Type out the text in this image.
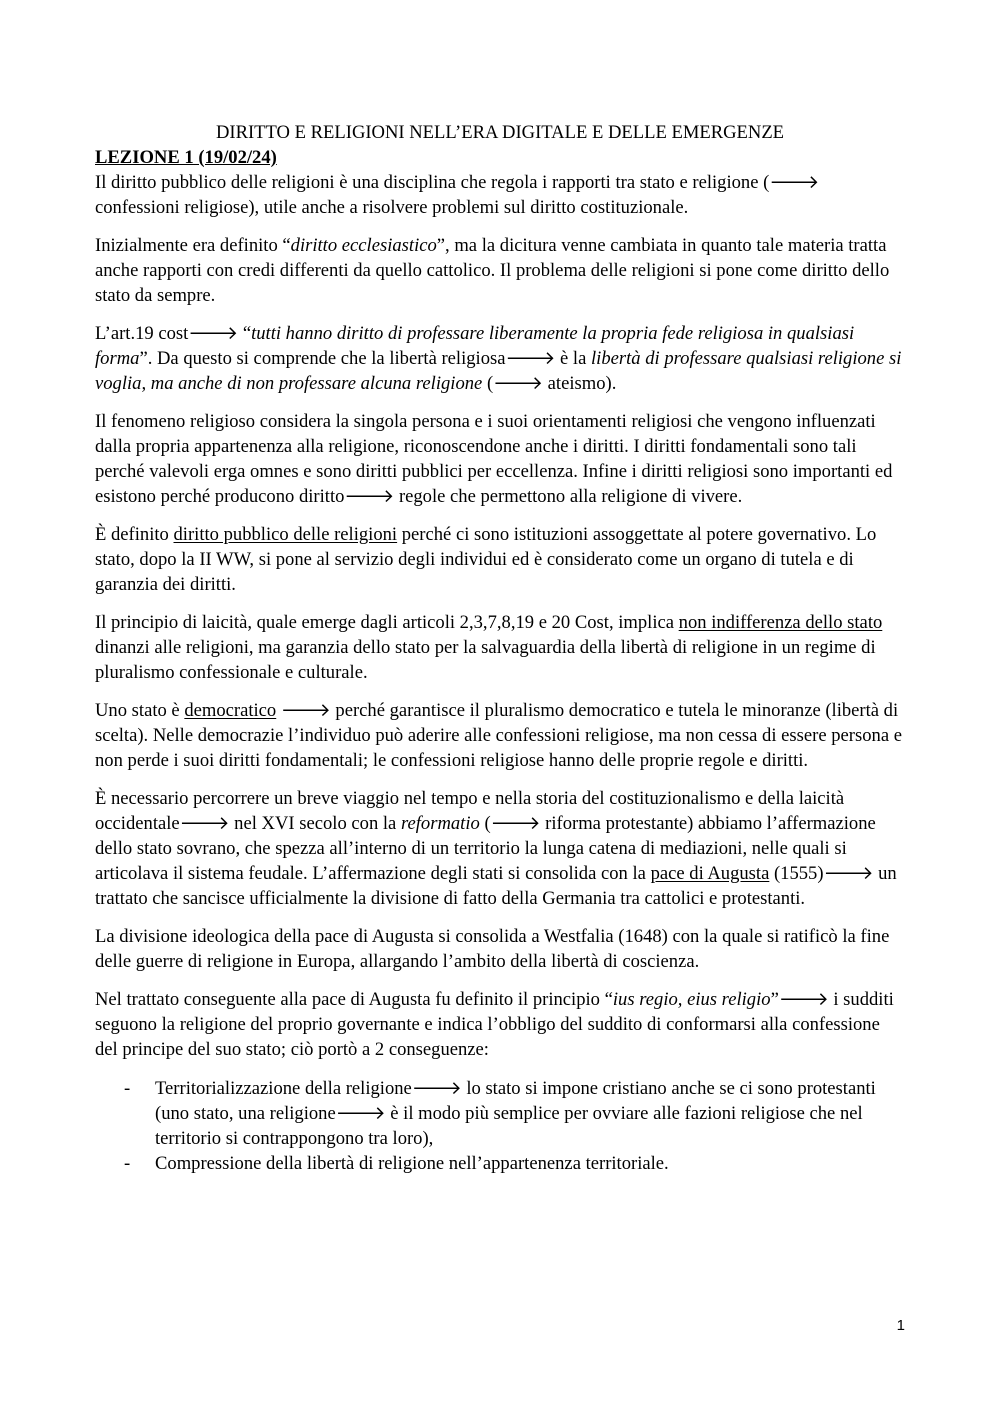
DIRITTO E RELIGIONI NELL’ERA DIGITALE E DELLE EMERGENZE
LEZIONE 1 (19/02/24)

Il diritto pubblico delle religioni è una disciplina che regola i rapporti tra stato e religione (🡒 confessioni religiose), utile anche a risolvere problemi sul diritto costituzionale.

Inizialmente era definito “diritto ecclesiastico”, ma la dicitura venne cambiata in quanto tale materia tratta anche rapporti con credi differenti da quello cattolico. Il problema delle religioni si pone come diritto dello stato da sempre.

L’art.19 cost🡒 “tutti hanno diritto di professare liberamente la propria fede religiosa in qualsiasi forma”. Da questo si comprende che la libertà religiosa🡒 è la libertà di professare qualsiasi religione si voglia, ma anche di non professare alcuna religione (🡒 ateismo).

Il fenomeno religioso considera la singola persona e i suoi orientamenti religiosi che vengono influenzati dalla propria appartenenza alla religione, riconoscendone anche i diritti. I diritti fondamentali sono tali perché valevoli erga omnes e sono diritti pubblici per eccellenza. Infine i diritti religiosi sono importanti ed esistono perché producono diritto🡒 regole che permettono alla religione di vivere.

È definito diritto pubblico delle religioni perché ci sono istituzioni assoggettate al potere governativo. Lo stato, dopo la II WW, si pone al servizio degli individui ed è considerato come un organo di tutela e di garanzia dei diritti.

Il principio di laicità, quale emerge dagli articoli 2,3,7,8,19 e 20 Cost, implica non indifferenza dello stato dinanzi alle religioni, ma garanzia dello stato per la salvaguardia della libertà di religione in un regime di pluralismo confessionale e culturale.

Uno stato è democratico 🡒 perché garantisce il pluralismo democratico e tutela le minoranze (libertà di scelta). Nelle democrazie l’individuo può aderire alle confessioni religiose, ma non cessa di essere persona e non perde i suoi diritti fondamentali; le confessioni religiose hanno delle proprie regole e diritti.

È necessario percorrere un breve viaggio nel tempo e nella storia del costituzionalismo e della laicità occidentale🡒 nel XVI secolo con la reformatio (🡒 riforma protestante) abbiamo l’affermazione dello stato sovrano, che spezza all’interno di un territorio la lunga catena di mediazioni, nelle quali si articolava il sistema feudale. L’affermazione degli stati si consolida con la pace di Augusta (1555)🡒 un trattato che sancisce ufficialmente la divisione di fatto della Germania tra cattolici e protestanti.

La divisione ideologica della pace di Augusta si consolida a Westfalia (1648) con la quale si ratificò la fine delle guerre di religione in Europa, allargando l’ambito della libertà di coscienza.

Nel trattato conseguente alla pace di Augusta fu definito il principio “ius regio, eius religio”🡒 i sudditi seguono la religione del proprio governante e indica l’obbligo del suddito di conformarsi alla confessione del principe del suo stato; ciò portò a 2 conseguenze:

- Territorializzazione della religione🡒 lo stato si impone cristiano anche se ci sono protestanti (uno stato, una religione🡒 è il modo più semplice per ovviare alle fazioni religiose che nel territorio si contrappongono tra loro),
- Compressione della libertà di religione nell’appartenenza territoriale.
1
